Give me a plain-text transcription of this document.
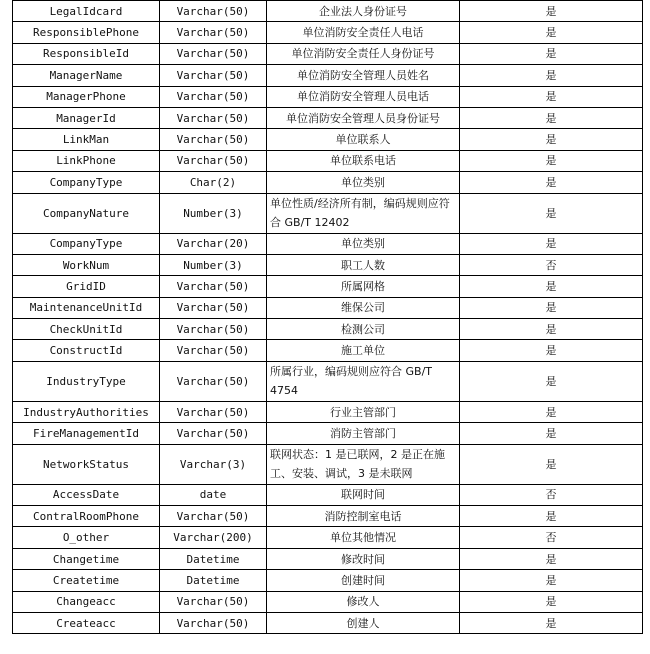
LegalIdcard	Varchar(50)	企业法人身份证号	是
ResponsiblePhone	Varchar(50)	单位消防安全责任人电话	是
ResponsibleId	Varchar(50)	单位消防安全责任人身份证号	是
ManagerName	Varchar(50)	单位消防安全管理人员姓名	是
ManagerPhone	Varchar(50)	单位消防安全管理人员电话	是
ManagerId	Varchar(50)	单位消防安全管理人员身份证号	是
LinkMan	Varchar(50)	单位联系人	是
LinkPhone	Varchar(50)	单位联系电话	是
CompanyType	Char(2)	单位类别	是
CompanyNature	Number(3)	单位性质/经济所有制，编码规则应符合 GB/T 12402	是
CompanyType	Varchar(20)	单位类别	是
WorkNum	Number(3)	职工人数	否
GridID	Varchar(50)	所属网格	是
MaintenanceUnitId	Varchar(50)	维保公司	是
CheckUnitId	Varchar(50)	检测公司	是
ConstructId	Varchar(50)	施工单位	是
IndustryType	Varchar(50)	所属行业，编码规则应符合 GB/T 4754	是
IndustryAuthorities	Varchar(50)	行业主管部门	是
FireManagementId	Varchar(50)	消防主管部门	是
NetworkStatus	Varchar(3)	联网状态：1 是已联网，2 是正在施工、安装、调试，3 是未联网	是
AccessDate	date	联网时间	否
ContralRoomPhone	Varchar(50)	消防控制室电话	是
O_other	Varchar(200)	单位其他情况	否
Changetime	Datetime	修改时间	是
Createtime	Datetime	创建时间	是
Changeacc	Varchar(50)	修改人	是
Createacc	Varchar(50)	创建人	是
